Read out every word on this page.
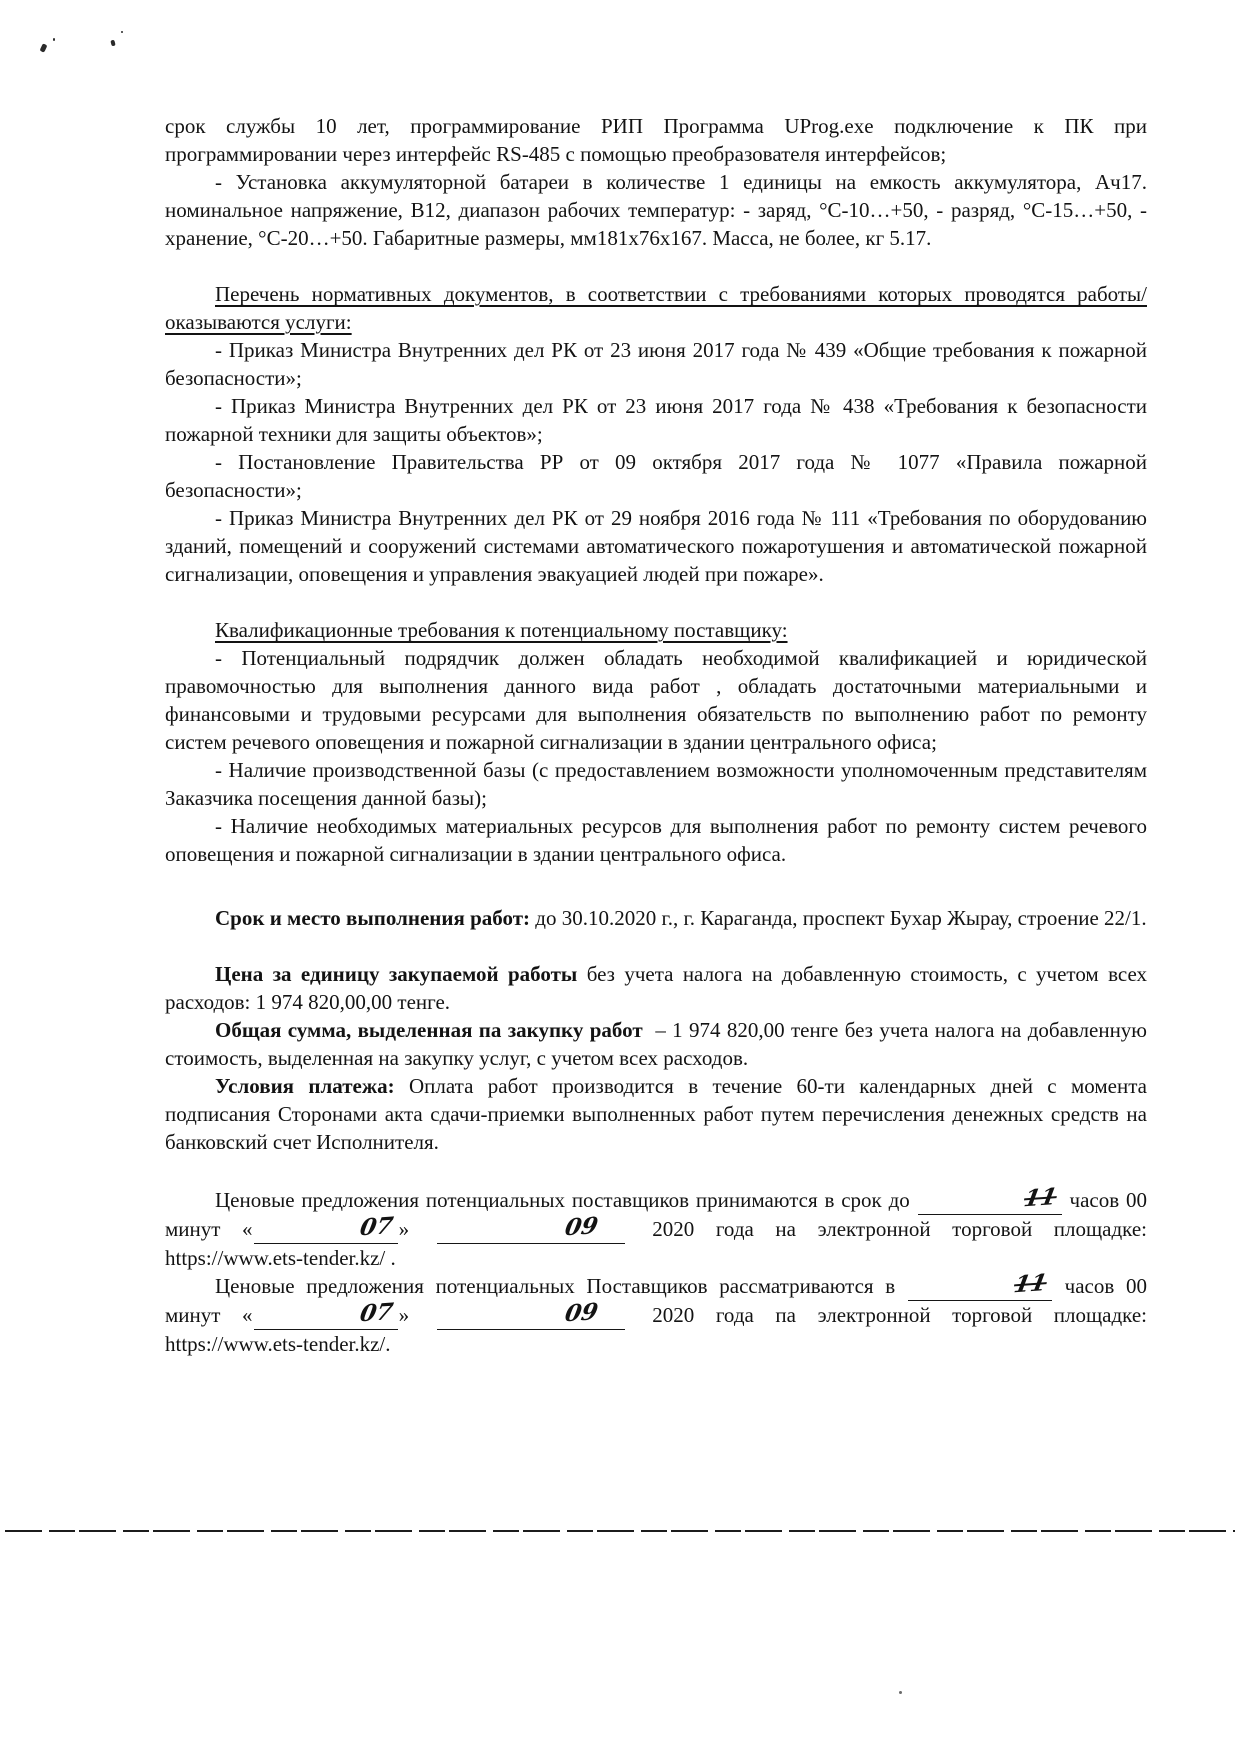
срок службы 10 лет, программирование РИП Программа UProg.exe подключение к ПК при программировании через интерфейс RS-485 с помощью преобразователя интерфейсов;

- Установка аккумуляторной батареи в количестве 1 единицы на емкость аккумулятора, Ач17. номинальное напряжение, В12, диапазон рабочих температур: - заряд, °С-10…+50, - разряд, °С-15…+50, - хранение, °С-20…+50. Габаритные размеры, мм181х76х167. Масса, не более, кг 5.17.

Перечень нормативных документов, в соответствии с требованиями которых проводятся работы/оказываются услуги:

- Приказ Министра Внутренних дел РК от 23 июня 2017 года № 439 «Общие требования к пожарной безопасности»;

- Приказ Министра Внутренних дел РК от 23 июня 2017 года № 438 «Требования к безопасности пожарной техники для защиты объектов»;

- Постановление Правительства РР от 09 октября 2017 года № 1077 «Правила пожарной безопасности»;

- Приказ Министра Внутренних дел РК от 29 ноября 2016 года № 111 «Требования по оборудованию зданий, помещений и сооружений системами автоматического пожаротушения и автоматической пожарной сигнализации, оповещения и управления эвакуацией людей при пожаре».

Квалификационные требования к потенциальному поставщику:

- Потенциальный подрядчик должен обладать необходимой квалификацией и юридической правомочностью для выполнения данного вида работ , обладать достаточными материальными и финансовыми и трудовыми ресурсами для выполнения обязательств по выполнению работ по ремонту систем речевого оповещения и пожарной сигнализации в здании центрального офиса;

- Наличие производственной базы (с предоставлением возможности уполномоченным представителям Заказчика посещения данной базы);

- Наличие необходимых материальных ресурсов для выполнения работ по ремонту систем речевого оповещения и пожарной сигнализации в здании центрального офиса.

Срок и место выполнения работ: до 30.10.2020 г., г. Караганда, проспект Бухар Жырау, строение 22/1.

Цена за единицу закупаемой работы без учета налога на добавленную стоимость, с учетом всех расходов: 1 974 820,00,00 тенге.

Общая сумма, выделенная па закупку работ – 1 974 820,00 тенге без учета налога на добавленную стоимость, выделенная на закупку услуг, с учетом всех расходов.

Условия платежа: Оплата работ производится в течение 60-ти календарных дней с момента подписания Сторонами акта сдачи-приемки выполненных работ путем перечисления денежных средств на банковский счет Исполнителя.

Ценовые предложения потенциальных поставщиков принимаются в срок до	11 часов 00 минут «	07 »	09 2020 года на электронной торговой площадке: https://www.ets-tender.kz/ .

Ценовые предложения потенциальных Поставщиков рассматриваются в	11 часов 00 минут «	07 »	09 2020 года па электронной торговой площадке: https://www.ets-tender.kz/.
